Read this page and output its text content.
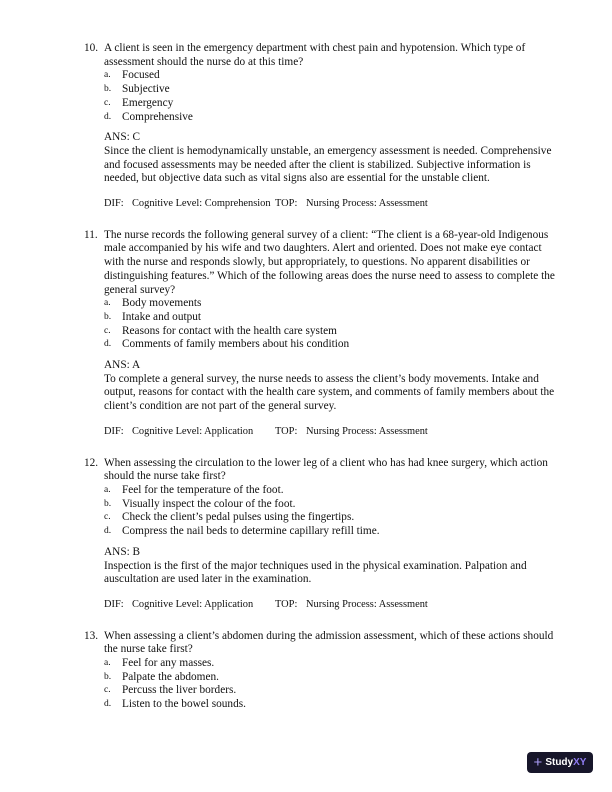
10. A client is seen in the emergency department with chest pain and hypotension. Which type of assessment should the nurse do at this time?
a.	Focused
b. Subjective
c.	Emergency
d. Comprehensive
ANS: C
Since the client is hemodynamically unstable, an emergency assessment is needed. Comprehensive and focused assessments may be needed after the client is stabilized. Subjective information is needed, but objective data such as vital signs also are essential for the unstable client.
DIF: Cognitive Level: Comprehension TOP: Nursing Process: Assessment
11. The nurse records the following general survey of a client: “The client is a 68-year-old Indigenous male accompanied by his wife and two daughters. Alert and oriented. Does not make eye contact with the nurse and responds slowly, but appropriately, to questions. No apparent disabilities or distinguishing features.” Which of the following areas does the nurse need to assess to complete the general survey?
a.	Body movements
b. Intake and output
c.	Reasons for contact with the health care system
d. Comments of family members about his condition
ANS: A
To complete a general survey, the nurse needs to assess the client’s body movements. Intake and output, reasons for contact with the health care system, and comments of family members about the client’s condition are not part of the general survey.
DIF: Cognitive Level: Application	TOP: Nursing Process: Assessment
12. When assessing the circulation to the lower leg of a client who has had knee surgery, which action should the nurse take first?
a.	Feel for the temperature of the foot.
b. Visually inspect the colour of the foot.
c.	Check the client’s pedal pulses using the fingertips.
d. Compress the nail beds to determine capillary refill time.
ANS: B
Inspection is the first of the major techniques used in the physical examination. Palpation and auscultation are used later in the examination.
DIF: Cognitive Level: Application	TOP: Nursing Process: Assessment
13. When assessing a client’s abdomen during the admission assessment, which of these actions should the nurse take first?
a.	Feel for any masses.
b. Palpate the abdomen.
c.	Percuss the liver borders.
d. Listen to the bowel sounds.
+ Study XY
